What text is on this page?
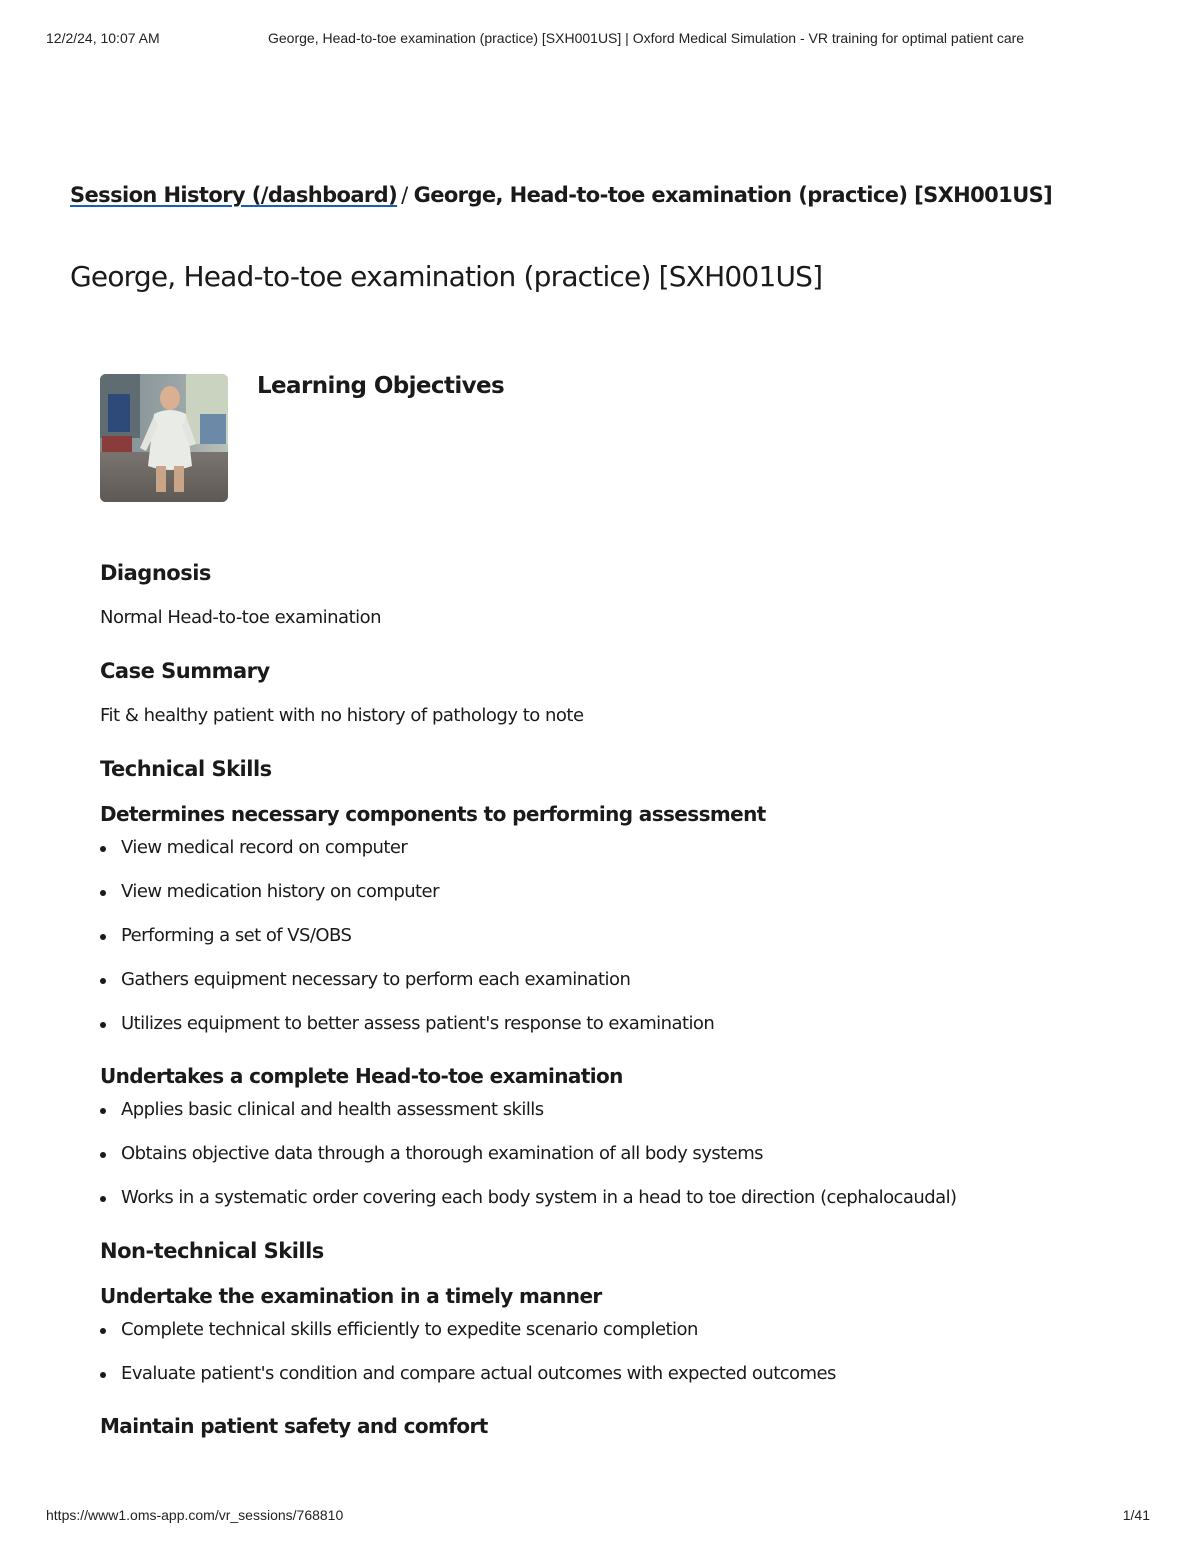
12/2/24, 10:07 AM	George, Head-to-toe examination (practice) [SXH001US] | Oxford Medical Simulation - VR training for optimal patient care
Session History (/dashboard) / George, Head-to-toe examination (practice) [SXH001US]
George, Head-to-toe examination (practice) [SXH001US]
Learning Objectives
Diagnosis

Normal Head-to-toe examination

Case Summary

Fit & healthy patient with no history of pathology to note

Technical Skills
Determines necessary components to performing assessment
View medical record on computer
View medication history on computer
Performing a set of VS/OBS
Gathers equipment necessary to perform each examination
Utilizes equipment to better assess patient's response to examination
Undertakes a complete Head-to-toe examination
Applies basic clinical and health assessment skills
Obtains objective data through a thorough examination of all body systems
Works in a systematic order covering each body system in a head to toe direction (cephalocaudal)
Non-technical Skills
Undertake the examination in a timely manner
Complete technical skills efficiently to expedite scenario completion
Evaluate patient's condition and compare actual outcomes with expected outcomes
Maintain patient safety and comfort
https://www1.oms-app.com/vr_sessions/768810	1/41
